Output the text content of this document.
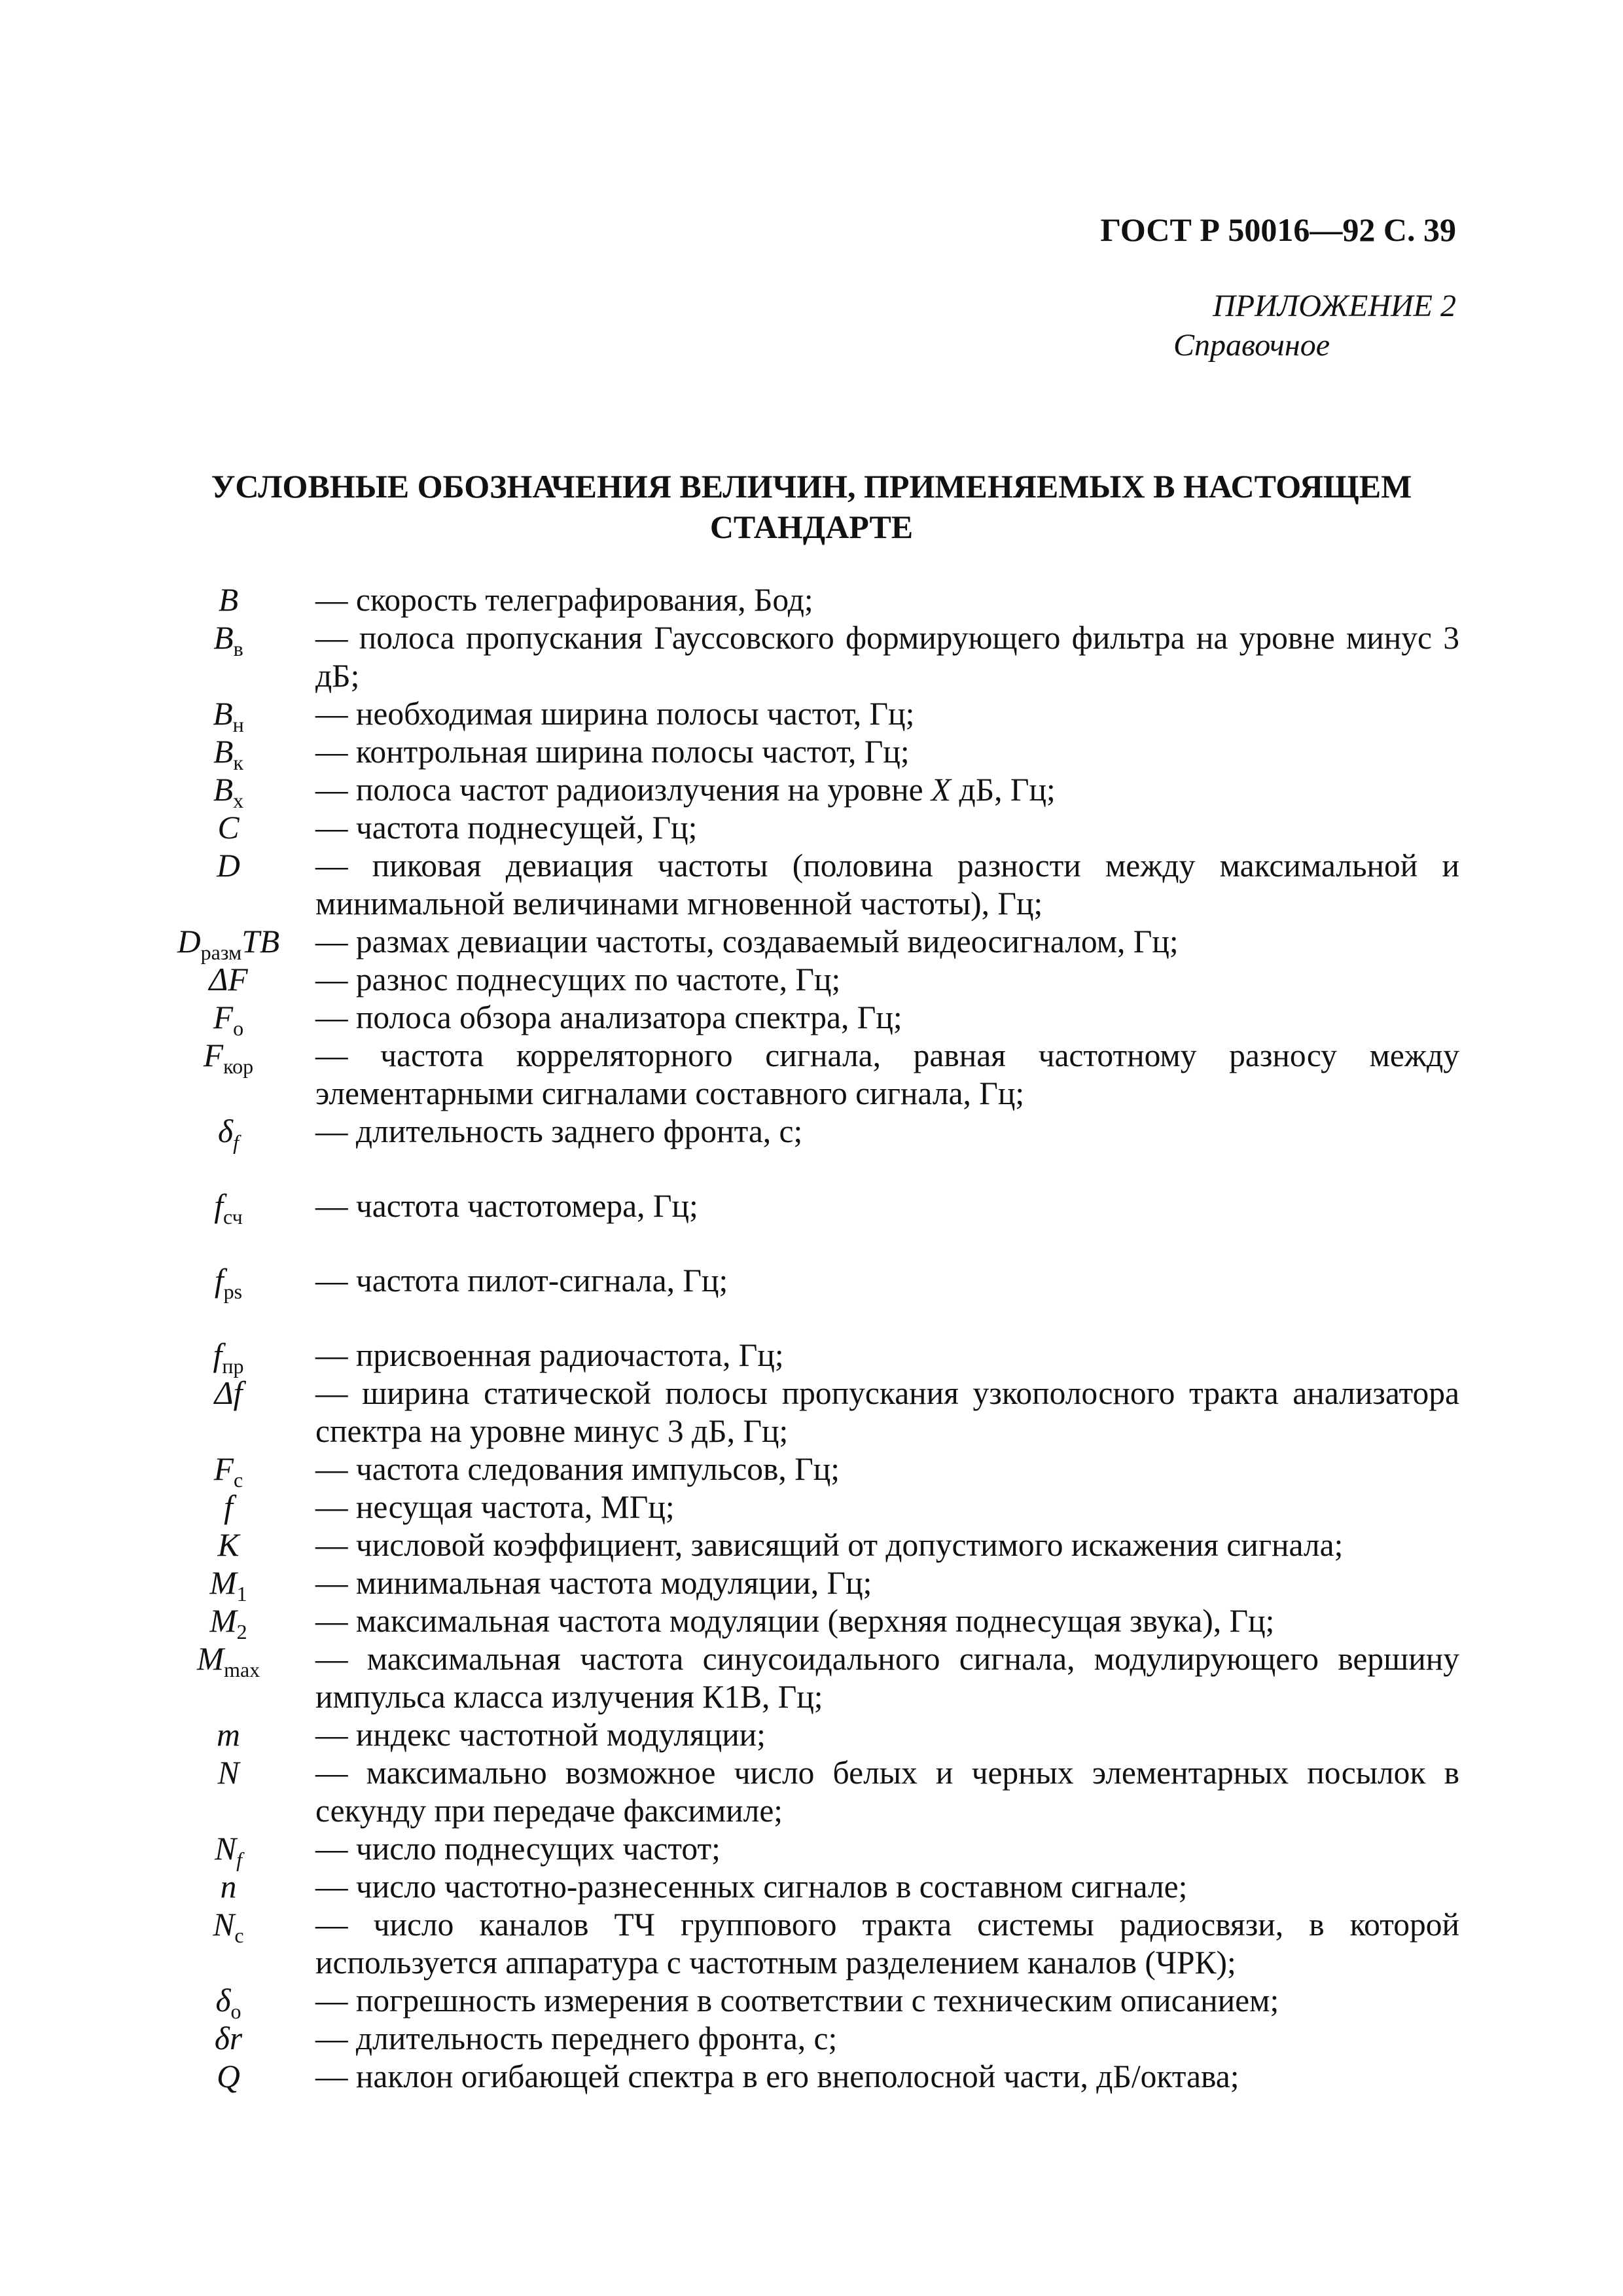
ГОСТ Р 50016—92 С. 39
ПРИЛОЖЕНИЕ 2
Справочное
УСЛОВНЫЕ ОБОЗНАЧЕНИЯ ВЕЛИЧИН, ПРИМЕНЯЕМЫХ В НАСТОЯЩЕМ СТАНДАРТЕ
B	— скорость телеграфирования, Бод;
$B_в$	— полоса пропускания Гауссовского формирующего фильтра на уровне минус 3 дБ;
$B_н$	— необходимая ширина полосы частот, Гц;
$B_к$	— контрольная ширина полосы частот, Гц;
$B_х$	— полоса частот радиоизлучения на уровне X дБ, Гц;
C	— частота поднесущей, Гц;
D	— пиковая девиация частоты (половина разности между максимальной и минимальной величинами мгновенной частоты), Гц;
$D_{разм}TB$	— размах девиации частоты, создаваемый видеосигналом, Гц;
ΔF	— разнос поднесущих по частоте, Гц;
$F_о$	— полоса обзора анализатора спектра, Гц;
$F_{кор}$	— частота корреляторного сигнала, равная частотному разносу между элементарными сигналами составного сигнала, Гц;
$\delta_f$	— длительность заднего фронта, с;
$f_{сч}$	— частота частотомера, Гц;
$f_{ps}$	— частота пилот-сигнала, Гц;
$f_{пр}$	— присвоенная радиочастота, Гц;
Δf	— ширина статической полосы пропускания узкополосного тракта анализатора спектра на уровне минус 3 дБ, Гц;
$F_с$	— частота следования импульсов, Гц;
f	— несущая частота, МГц;
K	— числовой коэффициент, зависящий от допустимого искажения сигнала;
$M_1$	— минимальная частота модуляции, Гц;
$M_2$	— максимальная частота модуляции (верхняя поднесущая звука), Гц;
$M_{max}$	— максимальная частота синусоидального сигнала, модулирующего вершину импульса класса излучения К1В, Гц;
m	— индекс частотной модуляции;
N	— максимально возможное число белых и черных элементарных посылок в секунду при передаче факсимиле;
$N_f$	— число поднесущих частот;
n	— число частотно-разнесенных сигналов в составном сигнале;
$N_с$	— число каналов ТЧ группового тракта системы радиосвязи, в которой используется аппаратура с частотным разделением каналов (ЧРК);
$\delta_о$	— погрешность измерения в соответствии с техническим описанием;
δr	— длительность переднего фронта, с;
Q	— наклон огибающей спектра в его внеполосной части, дБ/октава;
